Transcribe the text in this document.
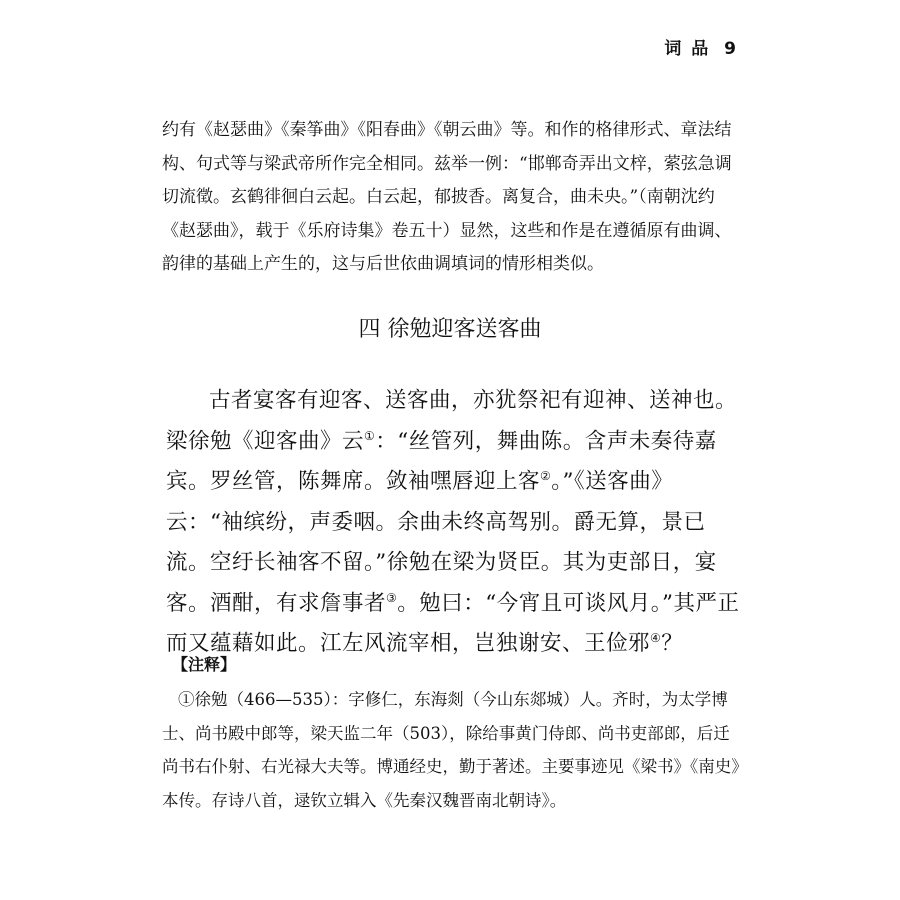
词 品 9

约有《赵瑟曲》《秦筝曲》《阳春曲》《朝云曲》等。和作的格律形式、章法结构、句式等与梁武帝所作完全相同。兹举一例：“邯郸奇弄出文梓，萦弦急调切流徵。玄鹤徘徊白云起。白云起，郁披香。离复合，曲未央。”（南朝沈约《赵瑟曲》，载于《乐府诗集》卷五十）显然，这些和作是在遵循原有曲调、韵律的基础上产生的，这与后世依曲调填词的情形相类似。

四 徐勉迎客送客曲

古者宴客有迎客、送客曲，亦犹祭祀有迎神、送神也。梁徐勉《迎客曲》云①：“丝管列，舞曲陈。含声未奏待嘉宾。罗丝管，陈舞席。敛袖嘿唇迎上客②。”《送客曲》云：“袖缤纷，声委咽。余曲未终高驾别。爵无算，景已流。空纡长袖客不留。”徐勉在梁为贤臣。其为吏部日，宴客。酒酣，有求詹事者③。勉曰：“今宵且可谈风月。”其严正而又蕴藉如此。江左风流宰相，岂独谢安、王俭邪④？

【注释】

①徐勉（466—535）：字修仁，东海剡（今山东郯城）人。齐时，为太学博士、尚书殿中郎等，梁天监二年（503），除给事黄门侍郎、尚书吏部郎，后迁尚书右仆射、右光禄大夫等。博通经史，勤于著述。主要事迹见《梁书》《南史》本传。存诗八首，逯钦立辑入《先秦汉魏晋南北朝诗》。
